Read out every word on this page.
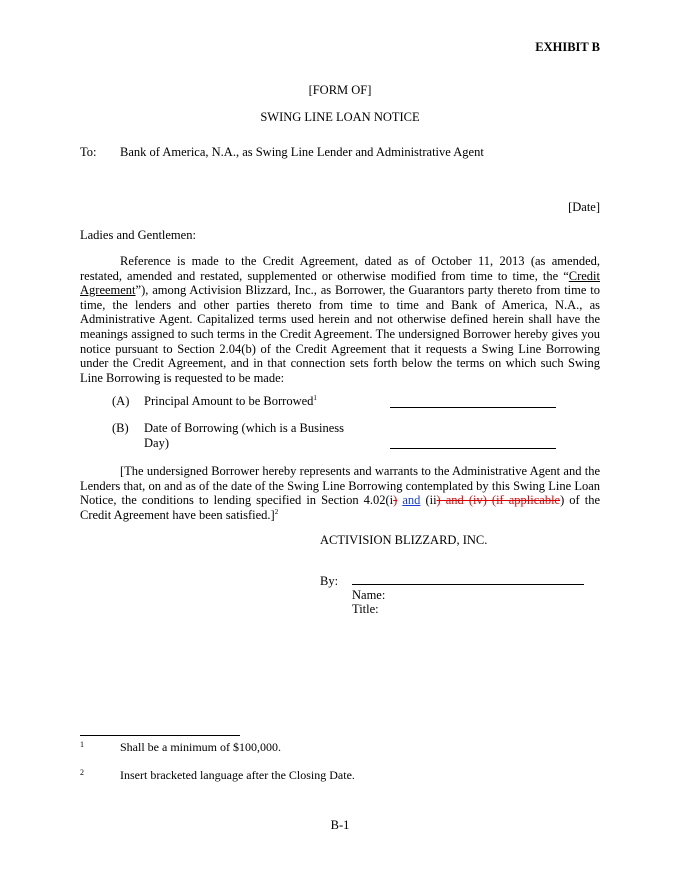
EXHIBIT B
[FORM OF]
SWING LINE LOAN NOTICE
To: Bank of America, N.A., as Swing Line Lender and Administrative Agent
[Date]
Ladies and Gentlemen:
Reference is made to the Credit Agreement, dated as of October 11, 2013 (as amended, restated, amended and restated, supplemented or otherwise modified from time to time, the “Credit Agreement”), among Activision Blizzard, Inc., as Borrower, the Guarantors party thereto from time to time, the lenders and other parties thereto from time to time and Bank of America, N.A., as Administrative Agent. Capitalized terms used herein and not otherwise defined herein shall have the meanings assigned to such terms in the Credit Agreement. The undersigned Borrower hereby gives you notice pursuant to Section 2.04(b) of the Credit Agreement that it requests a Swing Line Borrowing under the Credit Agreement, and in that connection sets forth below the terms on which such Swing Line Borrowing is requested to be made:
(A) Principal Amount to be Borrowed$^1$
(B)	Date of Borrowing (which is a Business Day)
[The undersigned Borrower hereby represents and warrants to the Administrative Agent and the Lenders that, on and as of the date of the Swing Line Borrowing contemplated by this Swing Line Loan Notice, the conditions to lending specified in Section 4.02(i) and (ii) and (iv) (if applicable) of the Credit Agreement have been satisfied.]$^2$
ACTIVISION BLIZZARD, INC.
By:
Name:
Title:
1	Shall be a minimum of $100,000.
2	Insert bracketed language after the Closing Date.
B-1
